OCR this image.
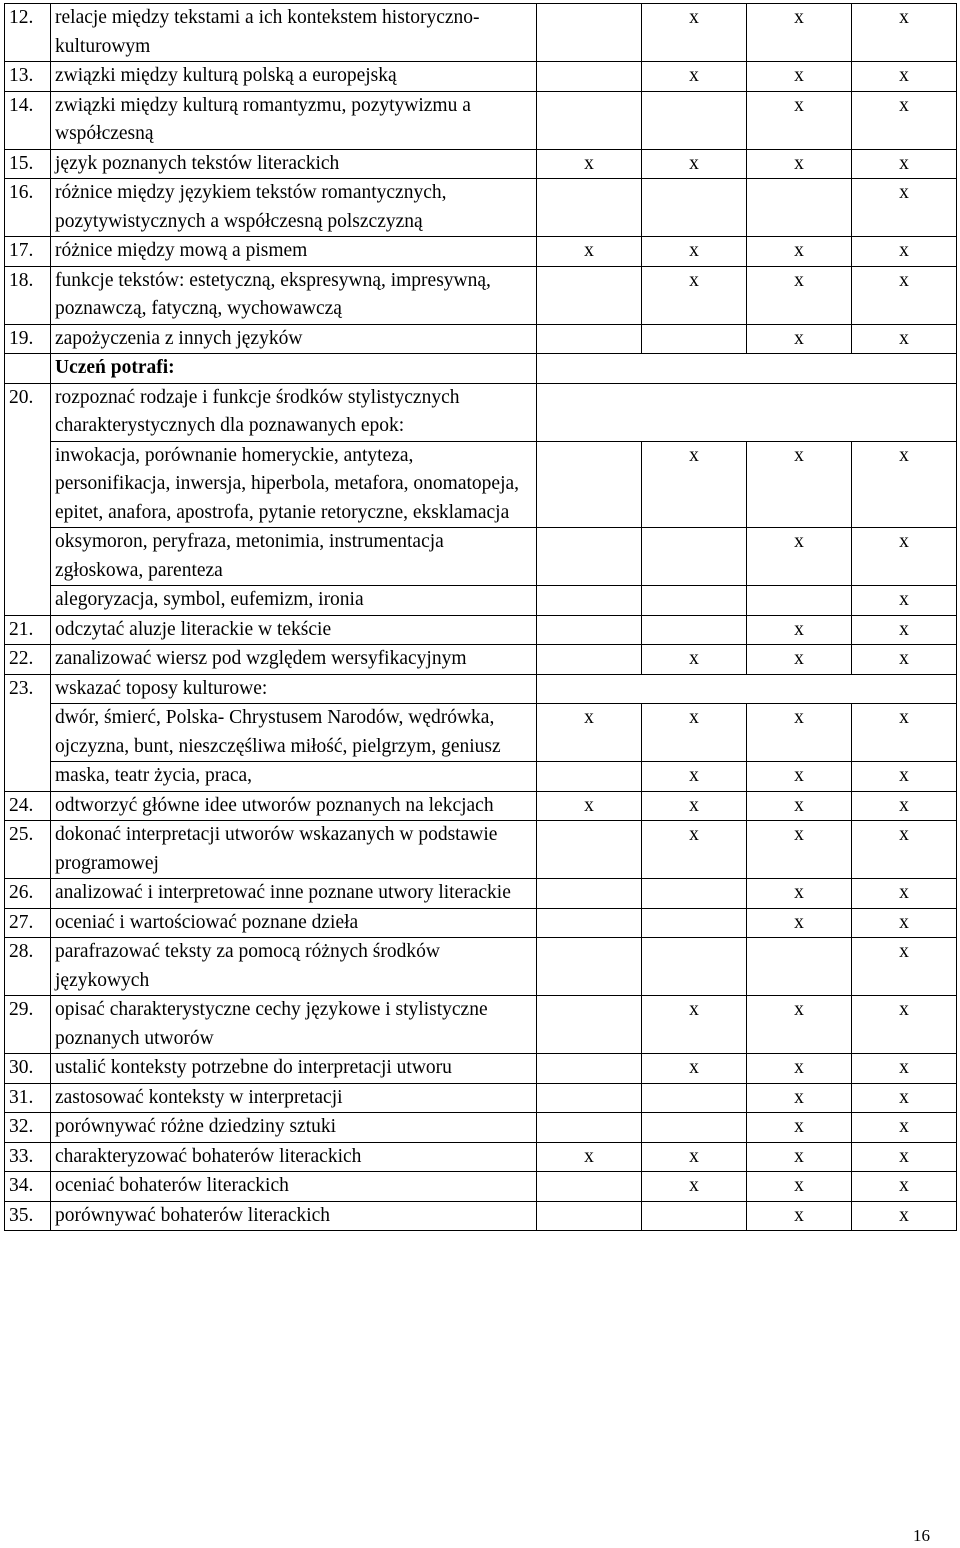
12.	relacje między tekstami a ich kontekstem historyczno-kulturowym		x	x	x
13.	związki między kulturą polską a europejską		x	x	x
14.	związki między kulturą romantyzmu, pozytywizmu a współczesną			x	x
15.	język poznanych tekstów literackich	x	x	x	x
16.	różnice między językiem tekstów romantycznych, pozytywistycznych a współczesną polszczyzną				x
17.	różnice między mową a pismem	x	x	x	x
18.	funkcje tekstów: estetyczną, ekspresywną, impresywną, poznawczą, fatyczną, wychowawczą		x	x	x
19.	zapożyczenia z innych języków			x	x
	Uczeń potrafi:				
20.	rozpoznać rodzaje i funkcje środków stylistycznych charakterystycznych dla poznawanych epok:				
	inwokacja, porównanie homeryckie, antyteza, personifikacja, inwersja, hiperbola, metafora, onomatopeja, epitet, anafora, apostrofa, pytanie retoryczne, eksklamacja		x	x	x
	oksymoron, peryfraza, metonimia, instrumentacja zgłoskowa, parenteza			x	x
	alegoryzacja, symbol, eufemizm, ironia				x
21.	odczytać aluzje literackie w tekście			x	x
22.	zanalizować wiersz pod względem wersyfikacyjnym		x	x	x
23.	wskazać toposy kulturowe:				
	dwór, śmierć, Polska- Chrystusem Narodów, wędrówka, ojczyzna, bunt, nieszczęśliwa miłość, pielgrzym, geniusz	x	x	x	x
	maska, teatr życia, praca,		x	x	x
24.	odtworzyć główne idee utworów poznanych na lekcjach	x	x	x	x
25.	dokonać interpretacji utworów wskazanych w podstawie programowej		x	x	x
26.	analizować i interpretować inne poznane utwory literackie			x	x
27.	oceniać i wartościować poznane dzieła			x	x
28.	parafrazować teksty za pomocą różnych środków językowych				x
29.	opisać charakterystyczne cechy językowe i stylistyczne poznanych utworów		x	x	x
30.	ustalić konteksty potrzebne do interpretacji utworu		x	x	x
31.	zastosować konteksty w interpretacji			x	x
32.	porównywać różne dziedziny sztuki			x	x
33.	charakteryzować bohaterów literackich	x	x	x	x
34.	oceniać bohaterów literackich		x	x	x
35.	porównywać bohaterów literackich			x	x
16
